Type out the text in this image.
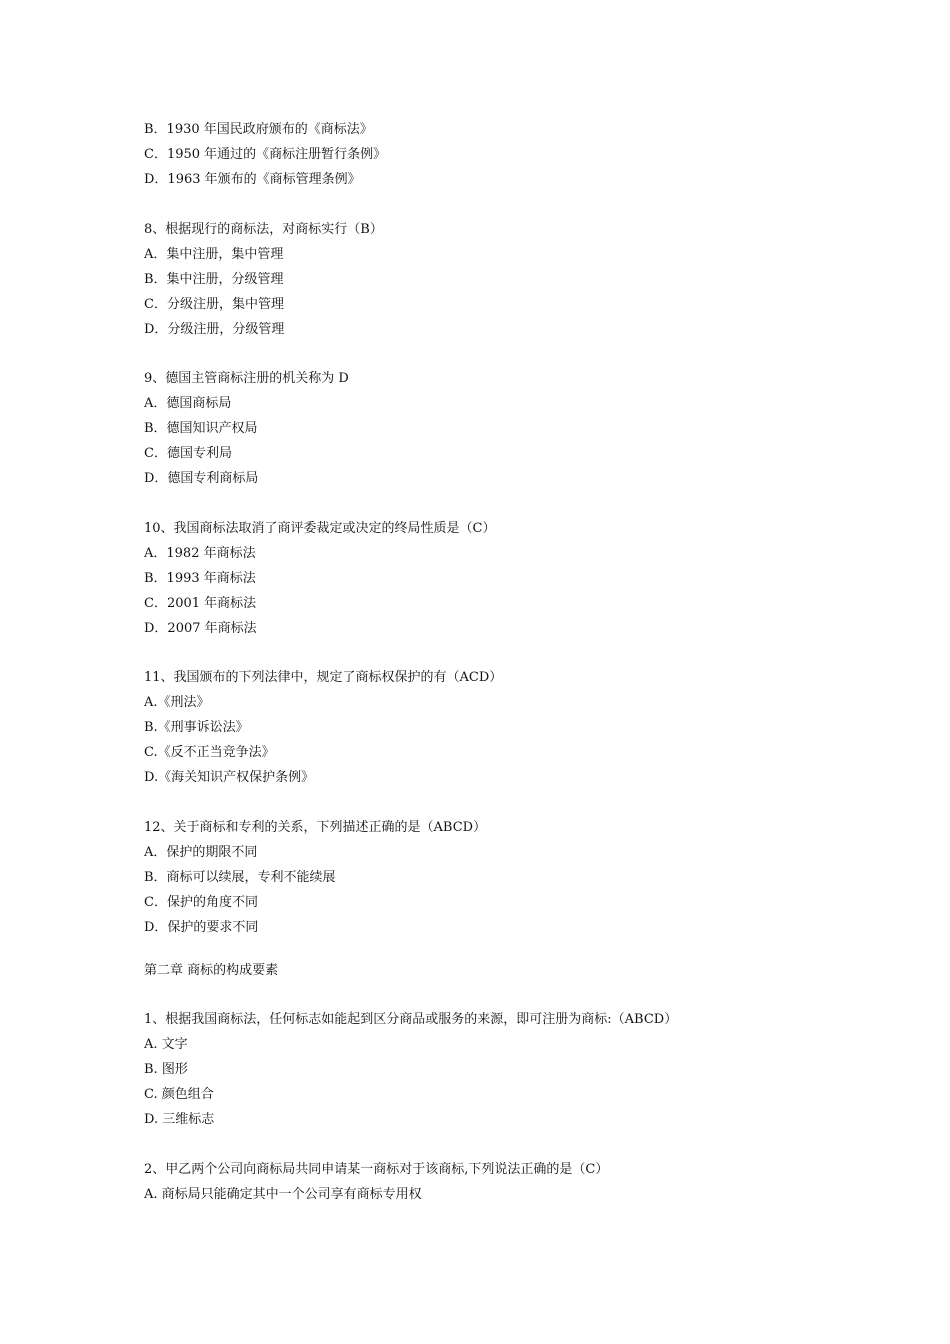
B．1930 年国民政府颁布的《商标法》
C．1950 年通过的《商标注册暂行条例》
D．1963 年颁布的《商标管理条例》
8、根据现行的商标法，对商标实行（B）
A．集中注册，集中管理
B．集中注册，分级管理
C．分级注册，集中管理
D．分级注册，分级管理
9、德国主管商标注册的机关称为 D
A．德国商标局
B．德国知识产权局
C．德国专利局
D．德国专利商标局
10、我国商标法取消了商评委裁定或决定的终局性质是（C）
A．1982 年商标法
B．1993 年商标法
C．2001 年商标法
D．2007 年商标法
11、我国颁布的下列法律中，规定了商标权保护的有（ACD）
A.《刑法》
B.《刑事诉讼法》
C.《反不正当竞争法》
D.《海关知识产权保护条例》
12、关于商标和专利的关系，下列描述正确的是（ABCD）
A．保护的期限不同
B．商标可以续展，专利不能续展
C．保护的角度不同
D．保护的要求不同
第二章 商标的构成要素
1、根据我国商标法，任何标志如能起到区分商品或服务的来源，即可注册为商标:（ABCD）
A. 文字
B. 图形
C. 颜色组合
D. 三维标志
2、甲乙两个公司向商标局共同申请某一商标对于该商标,下列说法正确的是（C）
A. 商标局只能确定其中一个公司享有商标专用权
